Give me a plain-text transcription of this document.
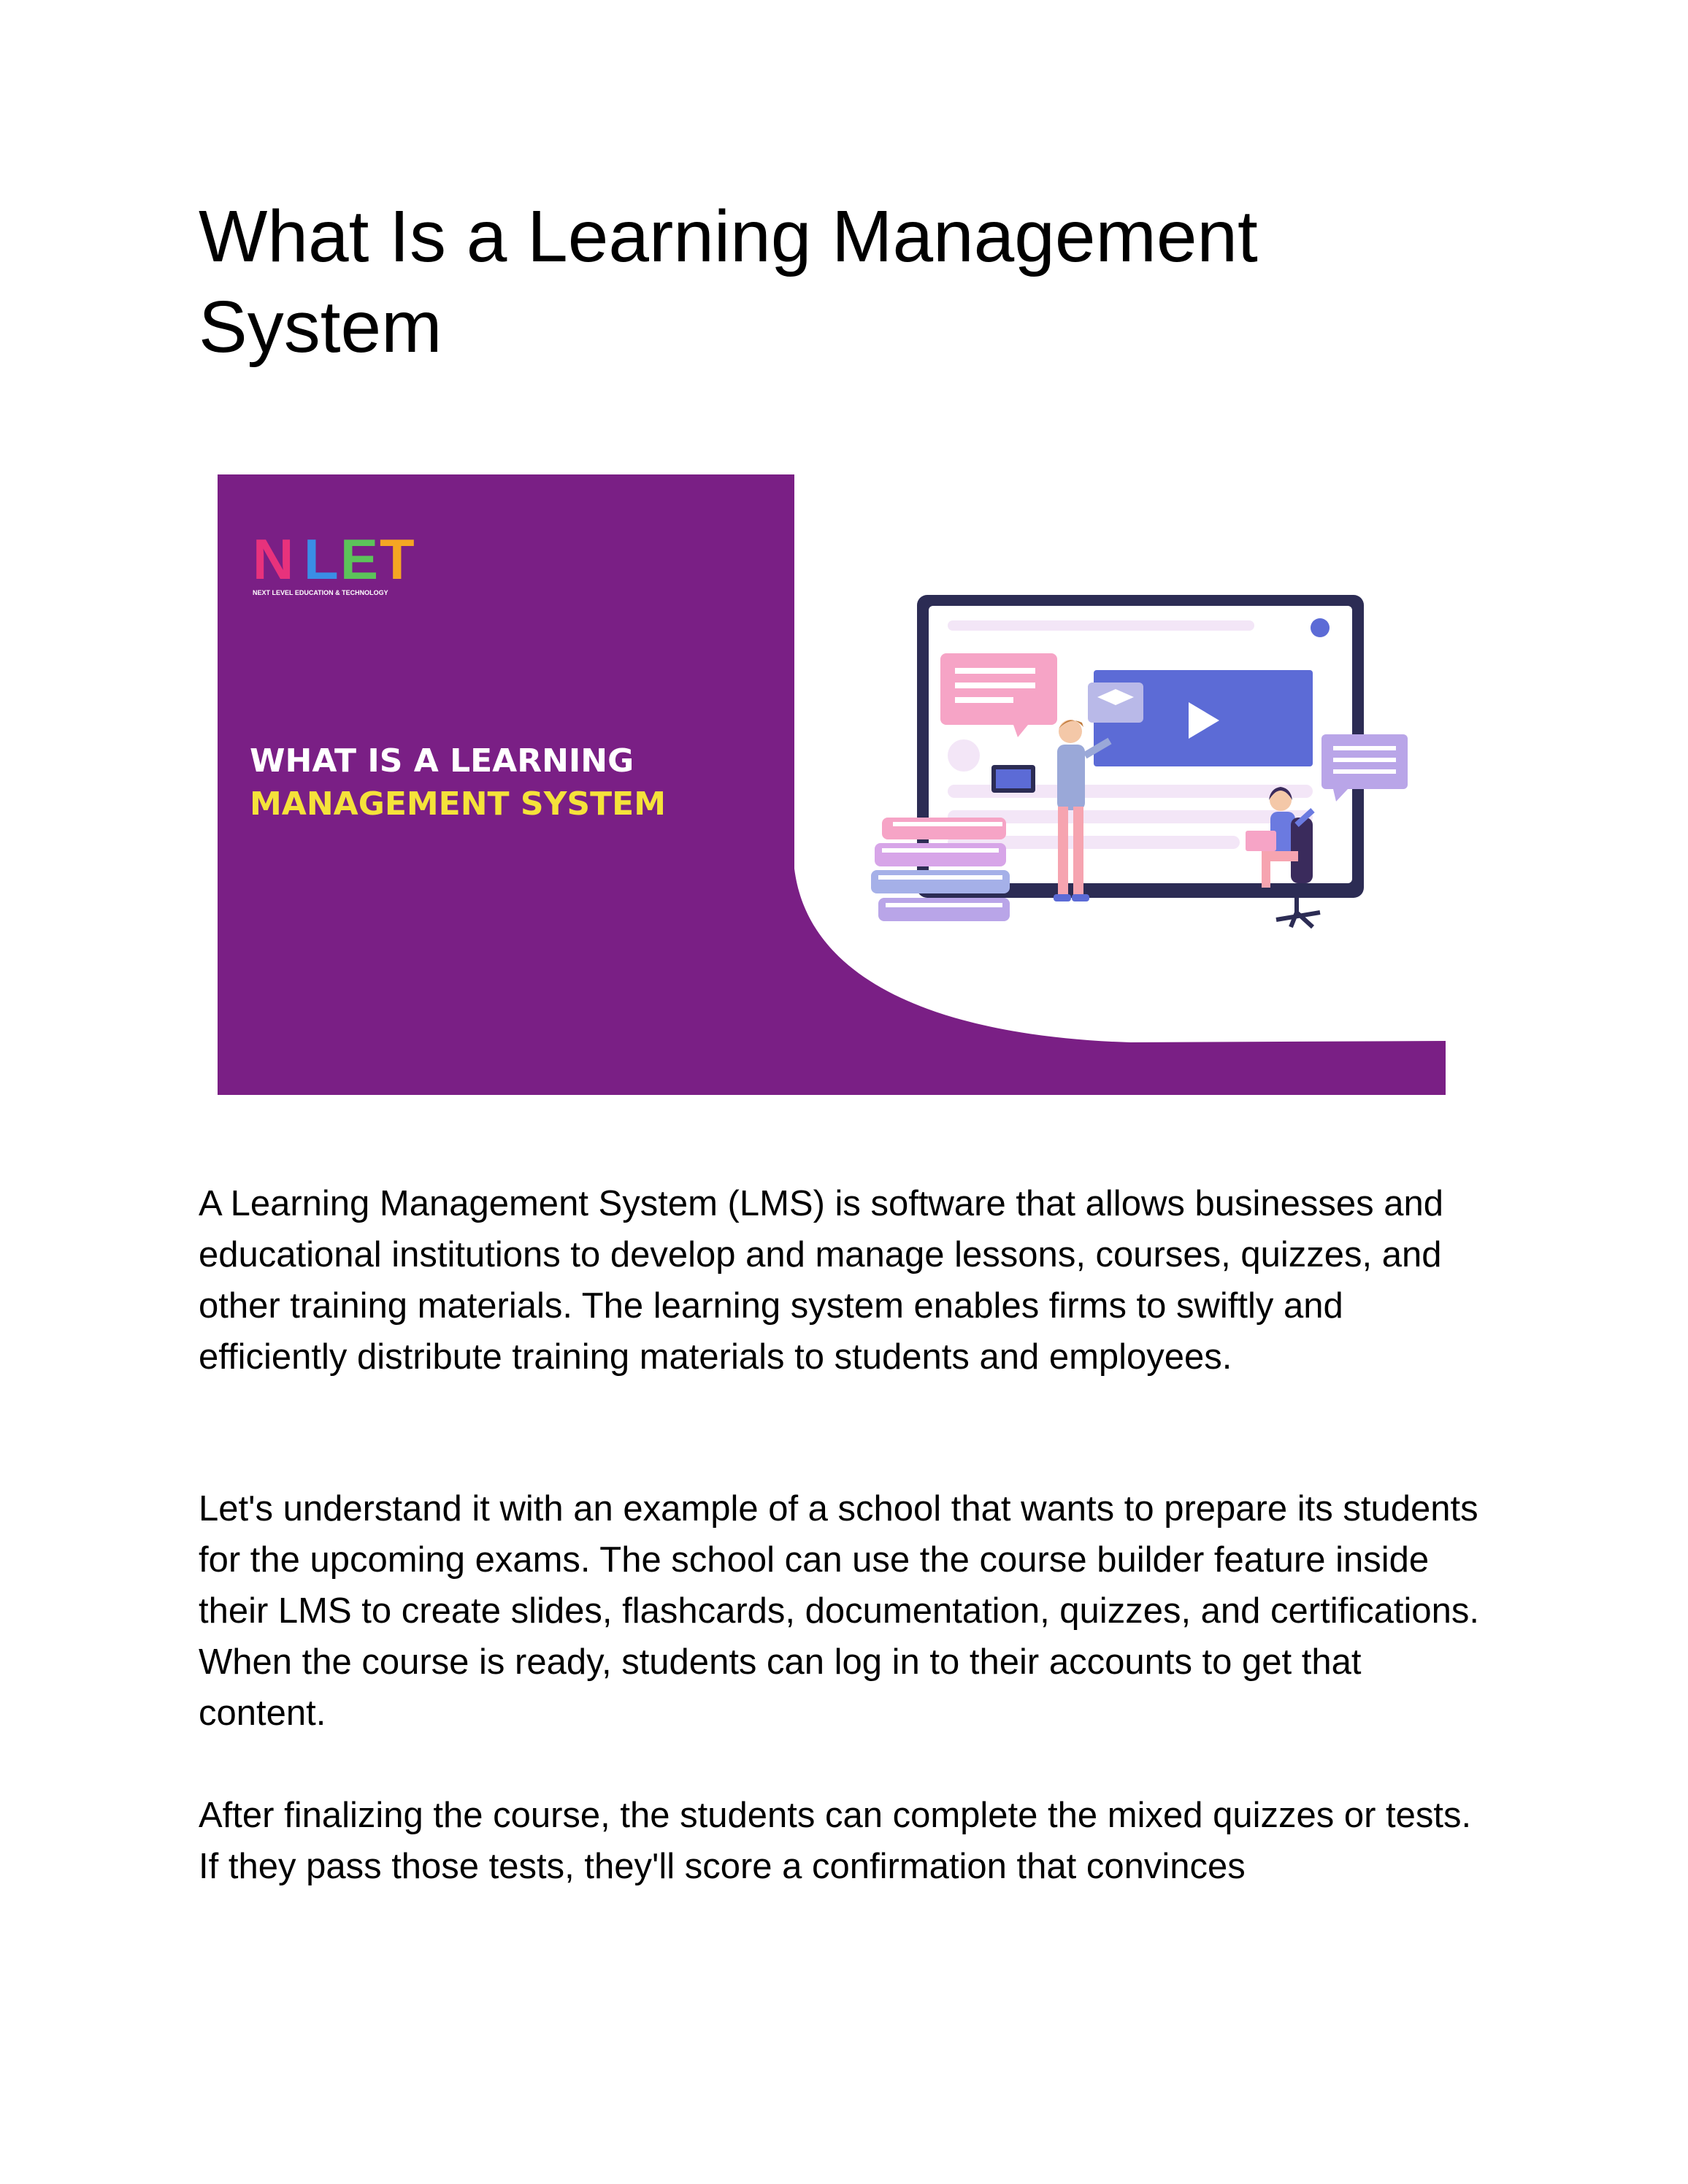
What Is a Learning Management System
N L E T
NEXT LEVEL EDUCATION & TECHNOLOGY
WHAT IS A LEARNING
MANAGEMENT SYSTEM

A Learning Management System (LMS) is software that allows businesses and educational institutions to develop and manage lessons, courses, quizzes, and other training materials. The learning system enables firms to swiftly and efficiently distribute training materials to students and employees.

Let's understand it with an example of a school that wants to prepare its students for the upcoming exams. The school can use the course builder feature inside their LMS to create slides, flashcards, documentation, quizzes, and certifications. When the course is ready, students can log in to their accounts to get that content.

After finalizing the course, the students can complete the mixed quizzes or tests. If they pass those tests, they'll score a confirmation that convinces
